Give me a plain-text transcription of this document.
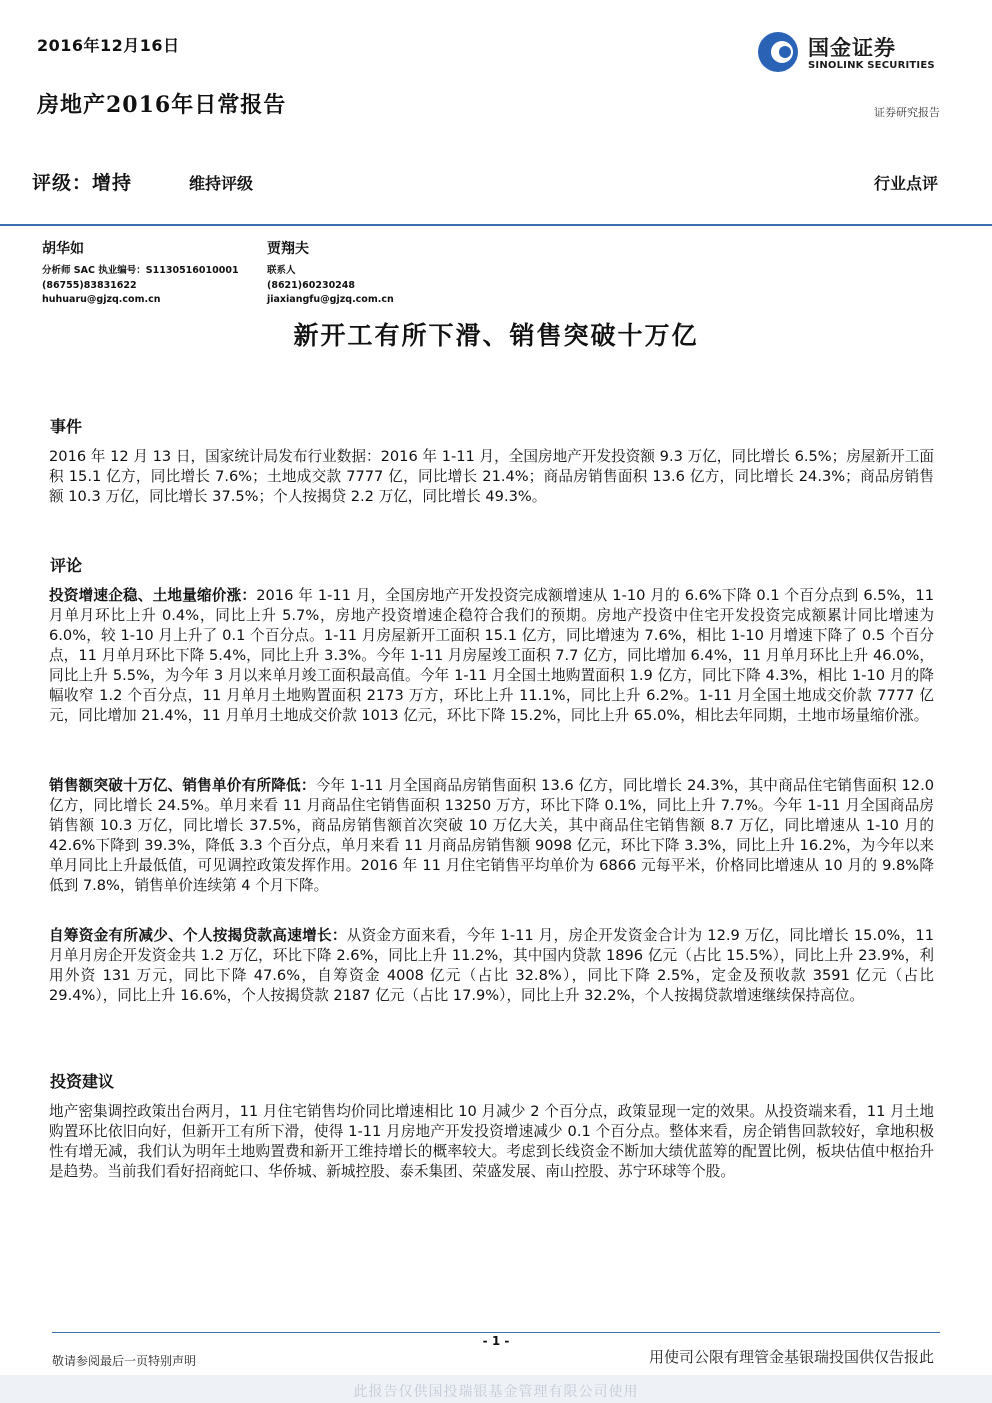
2016年12月16日	国金证券
SINOLINK SECURITIES
房地产2016年日常报告	证券研究报告
评级：增持	维持评级	行业点评
胡华如
分析师 SAC 执业编号：S1130516010001
(86755)83831622
huhuaru@gjzq.com.cn
贾翔夫
联系人
(8621)60230248
jiaxiangfu@gjzq.com.cn
新开工有所下滑、销售突破十万亿
事件
2016 年 12 月 13 日，国家统计局发布行业数据：2016 年 1-11 月，全国房地产开发投资额 9.3 万亿，同比增长 6.5%；房屋新开工面积 15.1 亿方，同比增长 7.6%；土地成交款 7777 亿，同比增长 21.4%；商品房销售面积 13.6 亿方，同比增长 24.3%；商品房销售额 10.3 万亿，同比增长 37.5%；个人按揭贷 2.2 万亿，同比增长 49.3%。
评论
投资增速企稳、土地量缩价涨：2016 年 1-11 月，全国房地产开发投资完成额增速从 1-10 月的 6.6%下降 0.1 个百分点到 6.5%，11 月单月环比上升 0.4%，同比上升 5.7%，房地产投资增速企稳符合我们的预期。房地产投资中住宅开发投资完成额累计同比增速为 6.0%，较 1-10 月上升了 0.1 个百分点。1-11 月房屋新开工面积 15.1 亿方，同比增速为 7.6%，相比 1-10 月增速下降了 0.5 个百分点，11 月单月环比下降 5.4%，同比上升 3.3%。今年 1-11 月房屋竣工面积 7.7 亿方，同比增加 6.4%，11 月单月环比上升 46.0%，同比上升 5.5%，为今年 3 月以来单月竣工面积最高值。今年 1-11 月全国土地购置面积 1.9 亿方，同比下降 4.3%，相比 1-10 月的降幅收窄 1.2 个百分点，11 月单月土地购置面积 2173 万方，环比上升 11.1%，同比上升 6.2%。1-11 月全国土地成交价款 7777 亿元，同比增加 21.4%，11 月单月土地成交价款 1013 亿元，环比下降 15.2%，同比上升 65.0%，相比去年同期，土地市场量缩价涨。
销售额突破十万亿、销售单价有所降低：今年 1-11 月全国商品房销售面积 13.6 亿方，同比增长 24.3%，其中商品住宅销售面积 12.0 亿方，同比增长 24.5%。单月来看 11 月商品住宅销售面积 13250 万方，环比下降 0.1%，同比上升 7.7%。今年 1-11 月全国商品房销售额 10.3 万亿，同比增长 37.5%，商品房销售额首次突破 10 万亿大关，其中商品住宅销售额 8.7 万亿，同比增速从 1-10 月的 42.6%下降到 39.3%，降低 3.3 个百分点，单月来看 11 月商品房销售额 9098 亿元，环比下降 3.3%，同比上升 16.2%，为今年以来单月同比上升最低值，可见调控政策发挥作用。2016 年 11 月住宅销售平均单价为 6866 元每平米，价格同比增速从 10 月的 9.8%降低到 7.8%，销售单价连续第 4 个月下降。
自筹资金有所减少、个人按揭贷款高速增长：从资金方面来看，今年 1-11 月，房企开发资金合计为 12.9 万亿，同比增长 15.0%，11 月单月房企开发资金共 1.2 万亿，环比下降 2.6%，同比上升 11.2%，其中国内贷款 1896 亿元（占比 15.5%），同比上升 23.9%，利用外资 131 万元，同比下降 47.6%，自筹资金 4008 亿元（占比 32.8%），同比下降 2.5%，定金及预收款 3591 亿元（占比 29.4%），同比上升 16.6%，个人按揭贷款 2187 亿元（占比 17.9%），同比上升 32.2%，个人按揭贷款增速继续保持高位。
投资建议
地产密集调控政策出台两月，11 月住宅销售均价同比增速相比 10 月减少 2 个百分点，政策显现一定的效果。从投资端来看，11 月土地购置环比依旧向好，但新开工有所下滑，使得 1-11 月房地产开发投资增速减少 0.1 个百分点。整体来看，房企销售回款较好，拿地积极性有增无减，我们认为明年土地购置费和新开工维持增长的概率较大。考虑到长线资金不断加大绩优蓝筹的配置比例，板块估值中枢抬升是趋势。当前我们看好招商蛇口、华侨城、新城控股、泰禾集团、荣盛发展、南山控股、苏宁环球等个股。
- 1 -
敬请参阅最后一页特别声明	用使司公限有理管金基银瑞投国供仅告报此
此报告仅供国投瑞银基金管理有限公司使用
